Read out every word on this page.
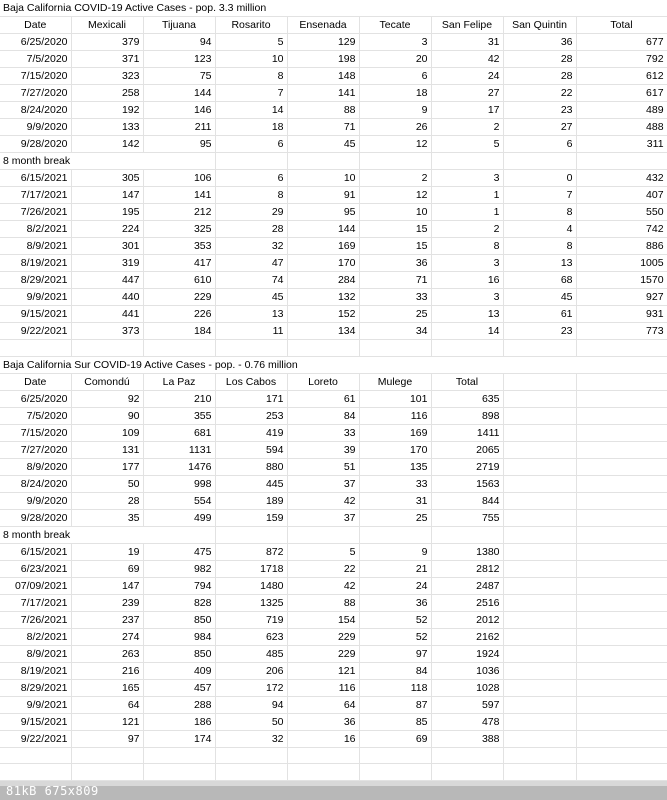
Baja California COVID-19 Active Cases - pop. 3.3 million								
Date	Mexicali	Tijuana	Rosarito	Ensenada	Tecate	San Felipe	San Quintin	Total
6/25/2020	379	94	5	129	3	31	36	677
7/5/2020	371	123	10	198	20	42	28	792
7/15/2020	323	75	8	148	6	24	28	612
7/27/2020	258	144	7	141	18	27	22	617
8/24/2020	192	146	14	88	9	17	23	489
9/9/2020	133	211	18	71	26	2	27	488
9/28/2020	142	95	6	45	12	5	6	311
8 month break								
6/15/2021	305	106	6	10	2	3	0	432
7/17/2021	147	141	8	91	12	1	7	407
7/26/2021	195	212	29	95	10	1	8	550
8/2/2021	224	325	28	144	15	2	4	742
8/9/2021	301	353	32	169	15	8	8	886
8/19/2021	319	417	47	170	36	3	13	1005
8/29/2021	447	610	74	284	71	16	68	1570
9/9/2021	440	229	45	132	33	3	45	927
9/15/2021	441	226	13	152	25	13	61	931
9/22/2021	373	184	11	134	34	14	23	773

Baja California Sur COVID-19 Active Cases - pop. - 0.76 million								
Date	Comondú	La Paz	Los Cabos	Loreto	Mulege	Total		
6/25/2020	92	210	171	61	101	635		
7/5/2020	90	355	253	84	116	898		
7/15/2020	109	681	419	33	169	1411		
7/27/2020	131	1131	594	39	170	2065		
8/9/2020	177	1476	880	51	135	2719		
8/24/2020	50	998	445	37	33	1563		
9/9/2020	28	554	189	42	31	844		
9/28/2020	35	499	159	37	25	755		
8 month break								
6/15/2021	19	475	872	5	9	1380		
6/23/2021	69	982	1718	22	21	2812		
07/09/2021	147	794	1480	42	24	2487		
7/17/2021	239	828	1325	88	36	2516		
7/26/2021	237	850	719	154	52	2012		
8/2/2021	274	984	623	229	52	2162		
8/9/2021	263	850	485	229	97	1924		
8/19/2021	216	409	206	121	84	1036		
8/29/2021	165	457	172	116	118	1028		
9/9/2021	64	288	94	64	87	597		
9/15/2021	121	186	50	36	85	478		
9/22/2021	97	174	32	16	69	388		

81kB 675x809
